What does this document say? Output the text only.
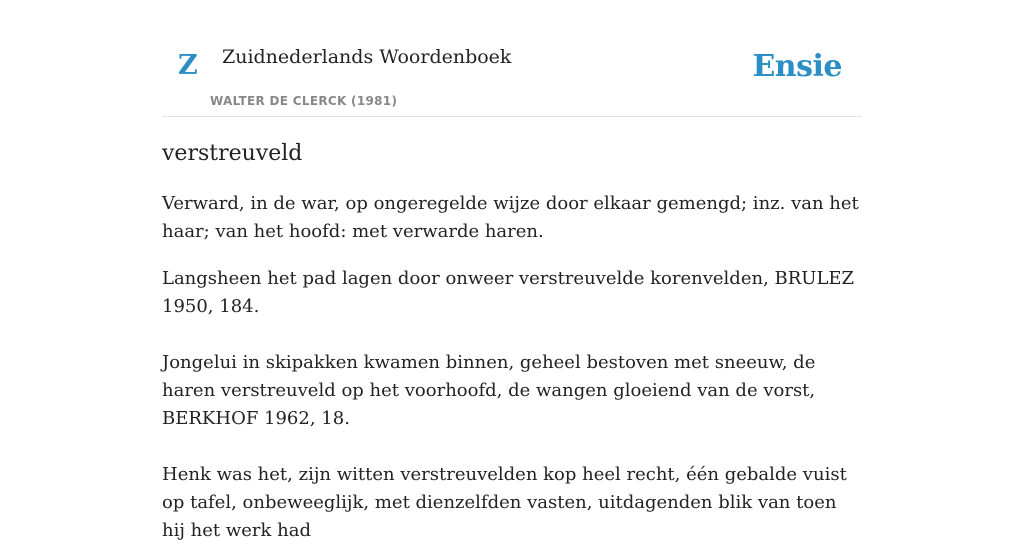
Z Zuidnederlands Woordenboek
WALTER DE CLERCK (1981)
Ensie
verstreuveld

Verward, in de war, op ongeregelde wijze door elkaar gemengd; inz. van het haar; van het hoofd: met verwarde haren.

Langsheen het pad lagen door onweer verstreuvelde korenvelden, BRULEZ 1950, 184.

Jongelui in skipakken kwamen binnen, geheel bestoven met sneeuw, de haren verstreuveld op het voorhoofd, de wangen gloeiend van de vorst, BERKHOF 1962, 18.

Henk was het, zijn witten verstreuvelden kop heel recht, één gebalde vuist op tafel, onbeweeglijk, met dienzelfden vasten, uitdagenden blik van toen hij het werk had
